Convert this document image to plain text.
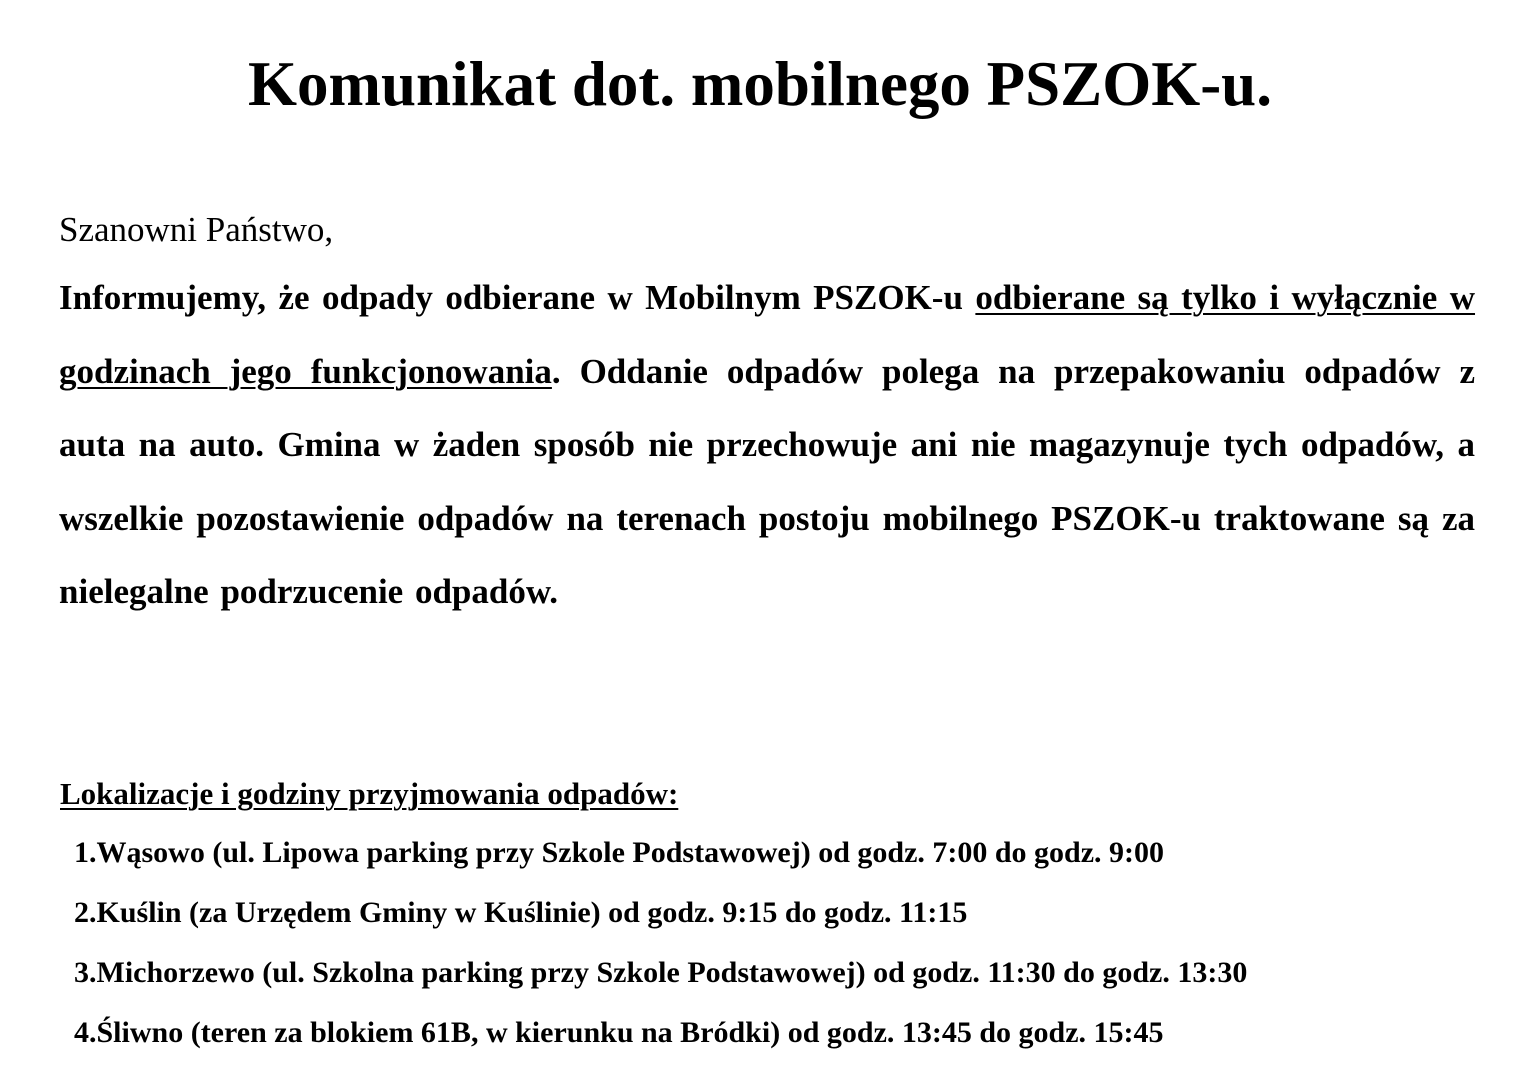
Komunikat dot. mobilnego PSZOK-u.

Szanowni Państwo,

Informujemy, że odpady odbierane w Mobilnym PSZOK-u odbierane są tylko i wyłącznie w godzinach jego funkcjonowania. Oddanie odpadów polega na przepakowaniu odpadów z auta na auto. Gmina w żaden sposób nie przechowuje ani nie magazynuje tych odpadów, a wszelkie pozostawienie odpadów na terenach postoju mobilnego PSZOK-u traktowane są za nielegalne podrzucenie odpadów.

Lokalizacje i godziny przyjmowania odpadów:

1.Wąsowo (ul. Lipowa parking przy Szkole Podstawowej) od godz. 7:00 do godz. 9:00
2.Kuślin (za Urzędem Gminy w Kuślinie) od godz. 9:15 do godz. 11:15
3.Michorzewo (ul. Szkolna parking przy Szkole Podstawowej) od godz. 11:30 do godz. 13:30
4.Śliwno (teren za blokiem 61B, w kierunku na Bródki) od godz. 13:45 do godz. 15:45
